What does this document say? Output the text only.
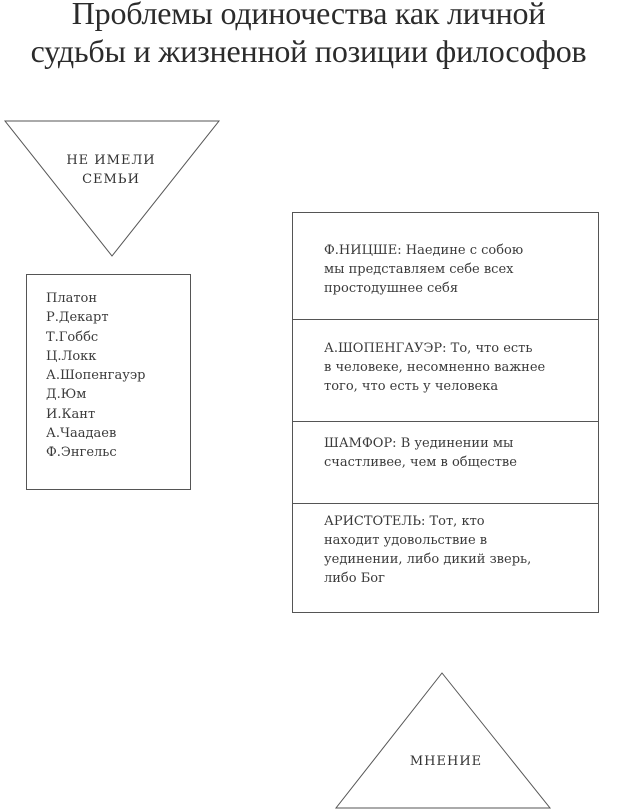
Проблемы одиночества как личной
судьбы и жизненной позиции философов
НЕ ИМЕЛИ
СЕМЬИ
Платон
Р.Декарт
Т.Гоббс
Ц.Локк
А.Шопенгауэр
Д.Юм
И.Кант
А.Чаадаев
Ф.Энгельс
Ф.НИЦШЕ: Наедине с собою
мы представляем себе всех
простодушнее себя
А.ШОПЕНГАУЭР: То, что есть
в человеке, несомненно важнее
того, что есть у человека
ШАМФОР: В уединении мы
счастливее, чем в обществе
АРИСТОТЕЛЬ: Тот, кто
находит удовольствие в
уединении, либо дикий зверь,
либо Бог
МНЕНИЕ
